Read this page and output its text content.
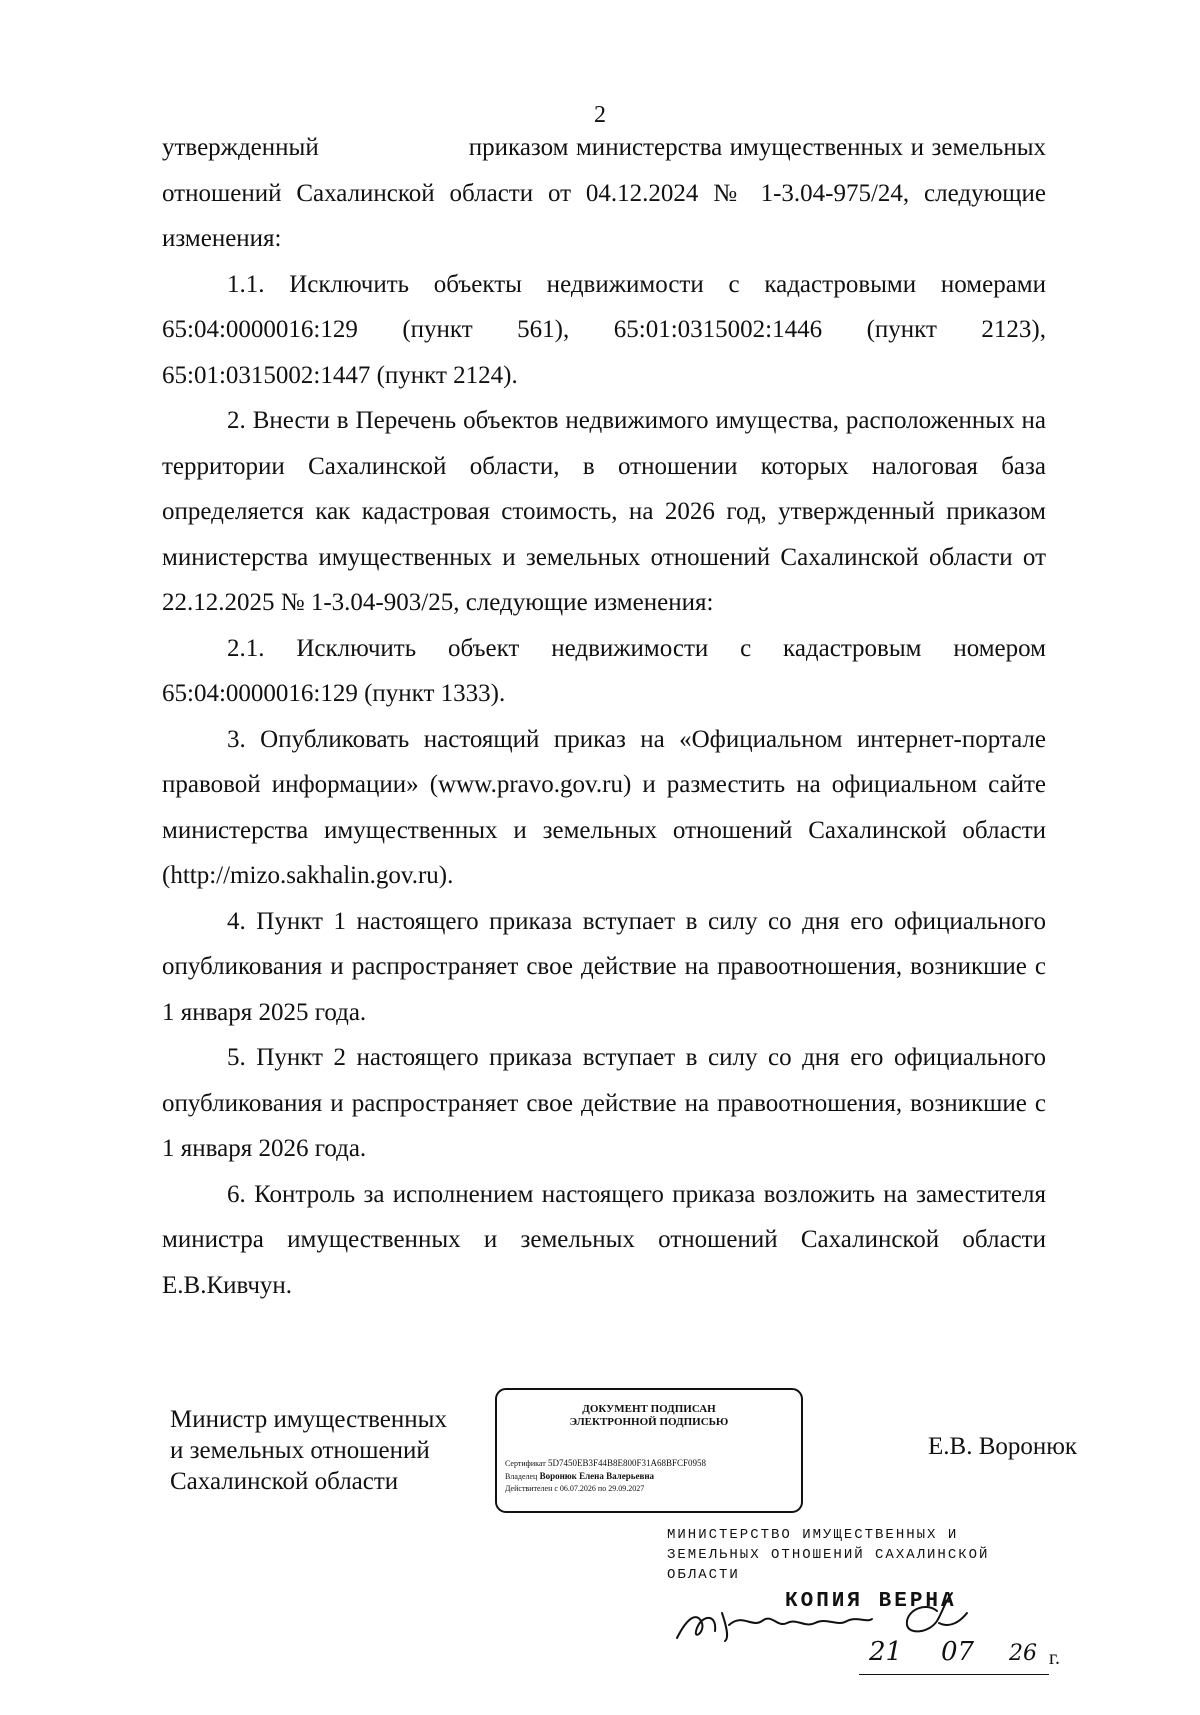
2

утвержденный                    приказом министерства имущественных и земельных отношений Сахалинской области от 04.12.2024 № 1-3.04-975/24, следующие изменения:

1.1. Исключить объекты недвижимости с кадастровыми номерами 65:04:0000016:129 (пункт 561), 65:01:0315002:1446 (пункт 2123), 65:01:0315002:1447 (пункт 2124).

2. Внести в Перечень объектов недвижимого имущества, расположенных на территории Сахалинской области, в отношении которых налоговая база определяется как кадастровая стоимость, на 2026 год, утвержденный приказом министерства имущественных и земельных отношений Сахалинской области от 22.12.2025 № 1-3.04-903/25, следующие изменения:

2.1. Исключить объект недвижимости с кадастровым номером 65:04:0000016:129 (пункт 1333).

3. Опубликовать настоящий приказ на «Официальном интернет-портале правовой информации» (www.pravo.gov.ru) и разместить на официальном сайте министерства имущественных и земельных отношений Сахалинской области (http://mizo.sakhalin.gov.ru).

4. Пункт 1 настоящего приказа вступает в силу со дня его официального опубликования и распространяет свое действие на правоотношения, возникшие с 1 января 2025 года.

5. Пункт 2 настоящего приказа вступает в силу со дня его официального опубликования и распространяет свое действие на правоотношения, возникшие с 1 января 2026 года.

6. Контроль за исполнением настоящего приказа возложить на заместителя министра имущественных и земельных отношений Сахалинской области Е.В.Кивчун.

Министр имущественных
и земельных отношений
Сахалинской области
ДОКУМЕНТ ПОДПИСАН
ЭЛЕКТРОННОЙ ПОДПИСЬЮ
Сертификат 5D7450EB3F44B8E800F31A68BFCF0958
Владелец Воронюк Елена Валерьевна
Действителен с 06.07.2026 по 29.09.2027
Е.В. Воронюк
МИНИСТЕРСТВО ИМУЩЕСТВЕННЫХ И
ЗЕМЕЛЬНЫХ ОТНОШЕНИЙ САХАЛИНСКОЙ
ОБЛАСТИ
КОПИЯ ВЕРНА
21 07 26 г.
